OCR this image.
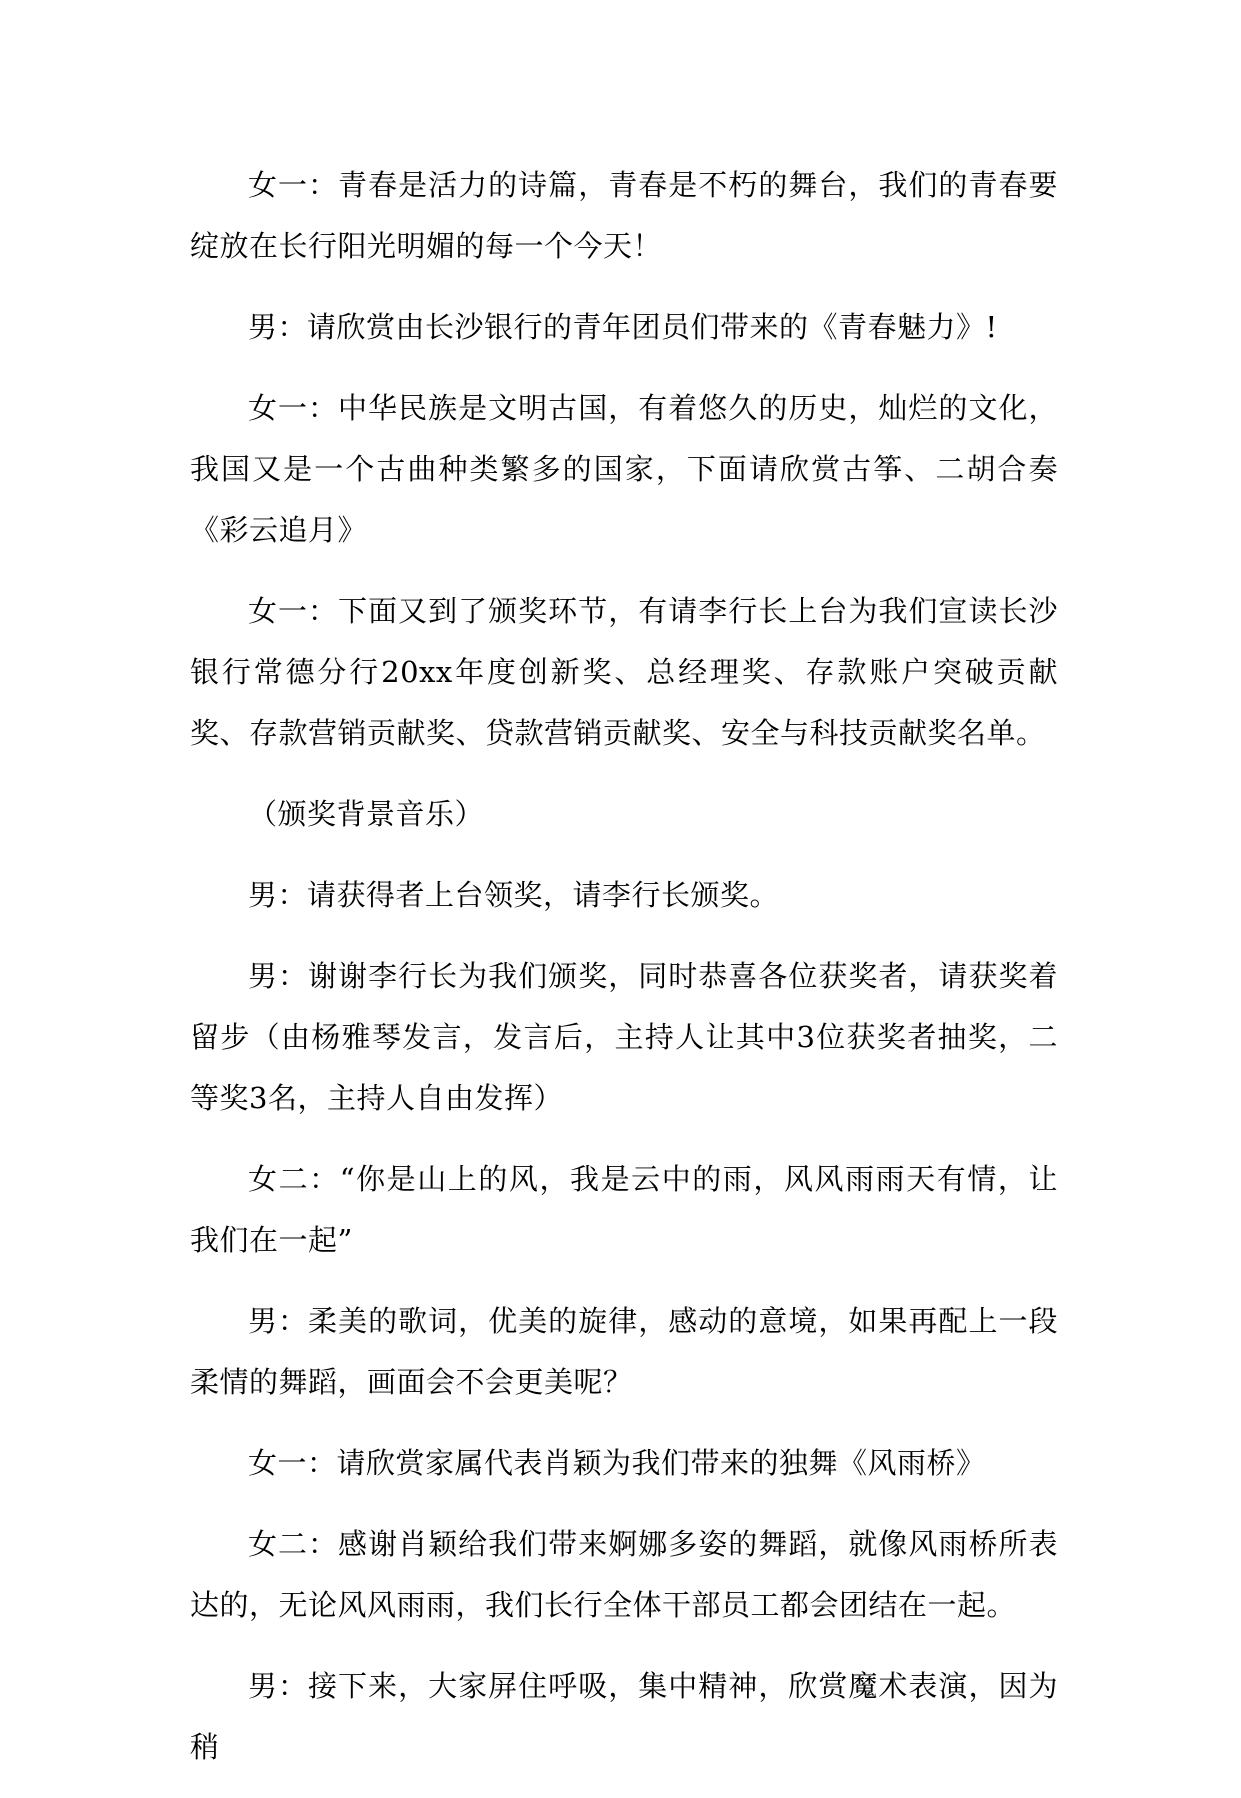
女一：青春是活力的诗篇，青春是不朽的舞台，我们的青春要绽放在长行阳光明媚的每一个今天！

男：请欣赏由长沙银行的青年团员们带来的《青春魅力》!

女一：中华民族是文明古国，有着悠久的历史，灿烂的文化，我国又是一个古曲种类繁多的国家，下面请欣赏古筝、二胡合奏《彩云追月》

女一：下面又到了颁奖环节，有请李行长上台为我们宣读长沙银行常德分行20xx年度创新奖、总经理奖、存款账户突破贡献奖、存款营销贡献奖、贷款营销贡献奖、安全与科技贡献奖名单。

（颁奖背景音乐）

男：请获得者上台领奖，请李行长颁奖。

男：谢谢李行长为我们颁奖，同时恭喜各位获奖者，请获奖着留步（由杨雅琴发言，发言后，主持人让其中3位获奖者抽奖，二等奖3名，主持人自由发挥）

女二：“你是山上的风，我是云中的雨，风风雨雨天有情，让我们在一起”

男：柔美的歌词，优美的旋律，感动的意境，如果再配上一段柔情的舞蹈，画面会不会更美呢？

女一：请欣赏家属代表肖颖为我们带来的独舞《风雨桥》

女二：感谢肖颖给我们带来婀娜多姿的舞蹈，就像风雨桥所表达的，无论风风雨雨，我们长行全体干部员工都会团结在一起。

男：接下来，大家屏住呼吸，集中精神，欣赏魔术表演，因为稍
